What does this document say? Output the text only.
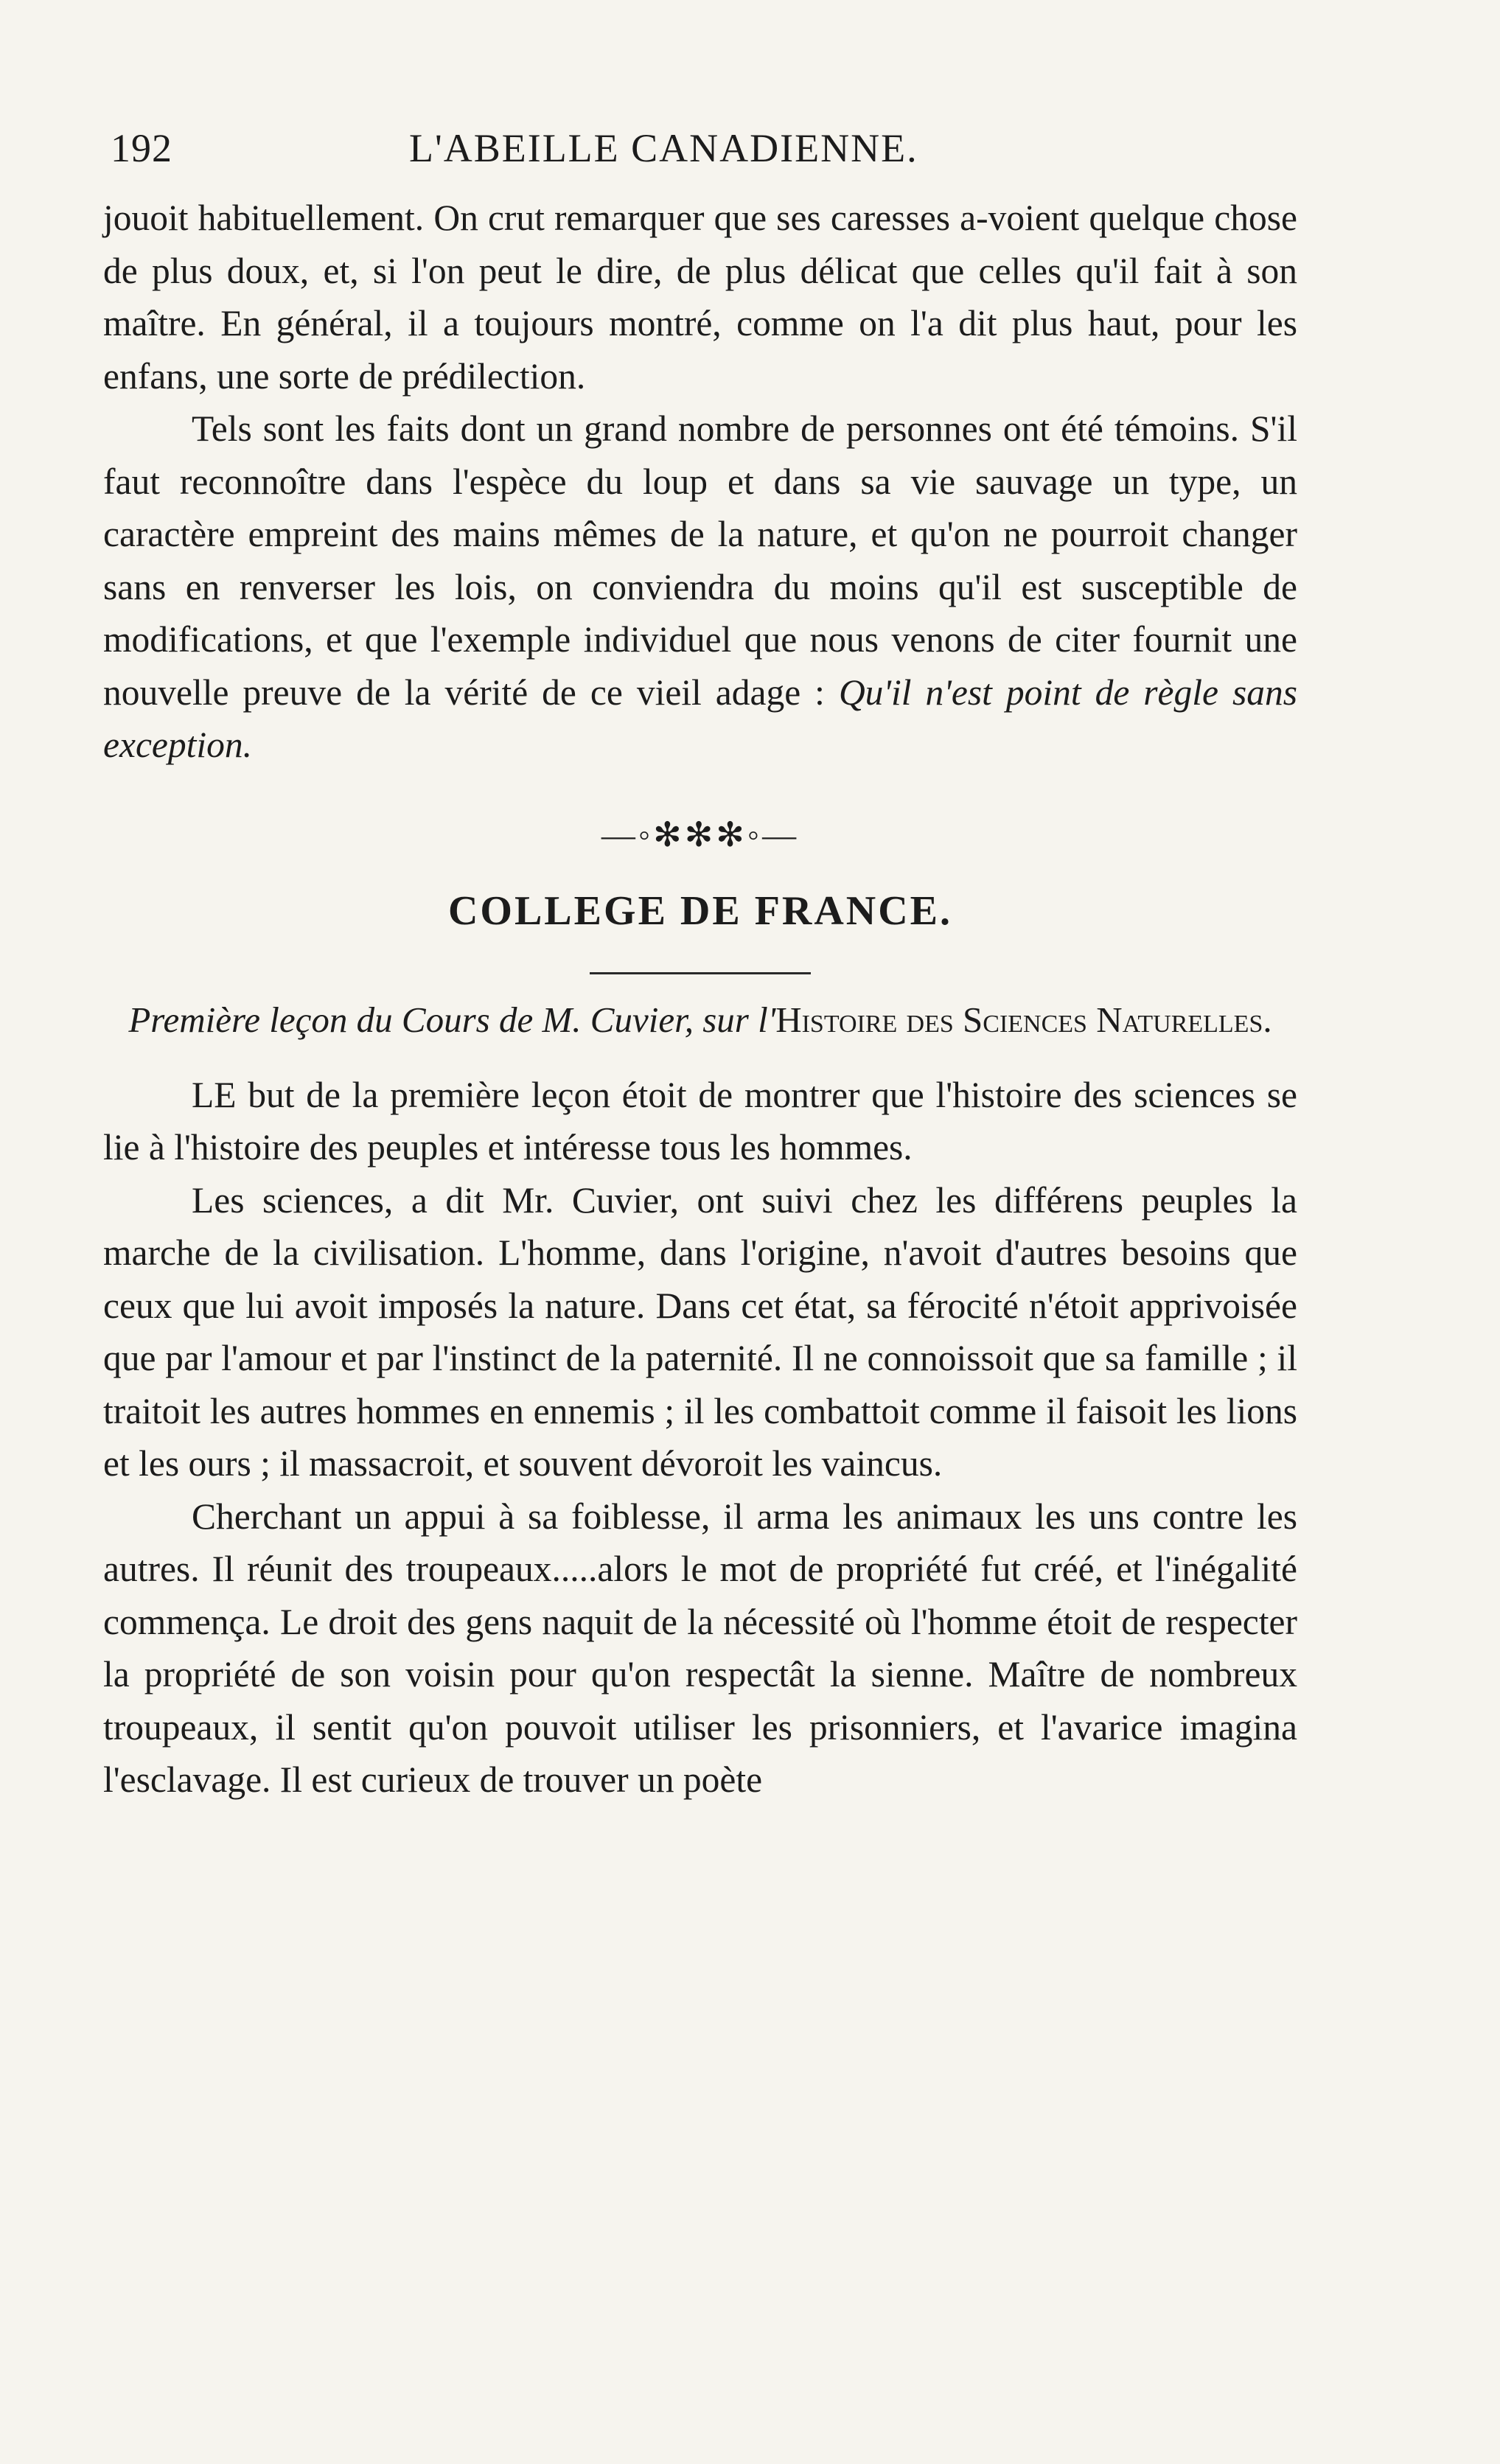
192	L'ABEILLE CANADIENNE.

jouoit habituellement. On crut remarquer que ses caresses a-voient quelque chose de plus doux, et, si l'on peut le dire, de plus délicat que celles qu'il fait à son maître. En général, il a toujours montré, comme on l'a dit plus haut, pour les enfans, une sorte de prédilection.

Tels sont les faits dont un grand nombre de personnes ont été témoins. S'il faut reconnoître dans l'espèce du loup et dans sa vie sauvage un type, un caractère empreint des mains mêmes de la nature, et qu'on ne pourroit changer sans en renverser les lois, on conviendra du moins qu'il est susceptible de modifications, et que l'exemple individuel que nous venons de citer fournit une nouvelle preuve de la vérité de ce vieil adage : Qu'il n'est point de règle sans exception.

—◦✻✻✻◦—
COLLEGE DE FRANCE.

Première leçon du Cours de M. Cuvier, sur l'Histoire des Sciences Naturelles.

LE but de la première leçon étoit de montrer que l'histoire des sciences se lie à l'histoire des peuples et intéresse tous les hommes.

Les sciences, a dit Mr. Cuvier, ont suivi chez les différens peuples la marche de la civilisation. L'homme, dans l'origine, n'avoit d'autres besoins que ceux que lui avoit imposés la nature. Dans cet état, sa férocité n'étoit apprivoisée que par l'amour et par l'instinct de la paternité. Il ne connoissoit que sa famille ; il traitoit les autres hommes en ennemis ; il les combattoit comme il faisoit les lions et les ours ; il massacroit, et souvent dévoroit les vaincus.

Cherchant un appui à sa foiblesse, il arma les animaux les uns contre les autres. Il réunit des troupeaux.....alors le mot de propriété fut créé, et l'inégalité commença. Le droit des gens naquit de la nécessité où l'homme étoit de respecter la propriété de son voisin pour qu'on respectât la sienne. Maître de nombreux troupeaux, il sentit qu'on pouvoit utiliser les prisonniers, et l'avarice imagina l'esclavage. Il est curieux de trouver un poète
